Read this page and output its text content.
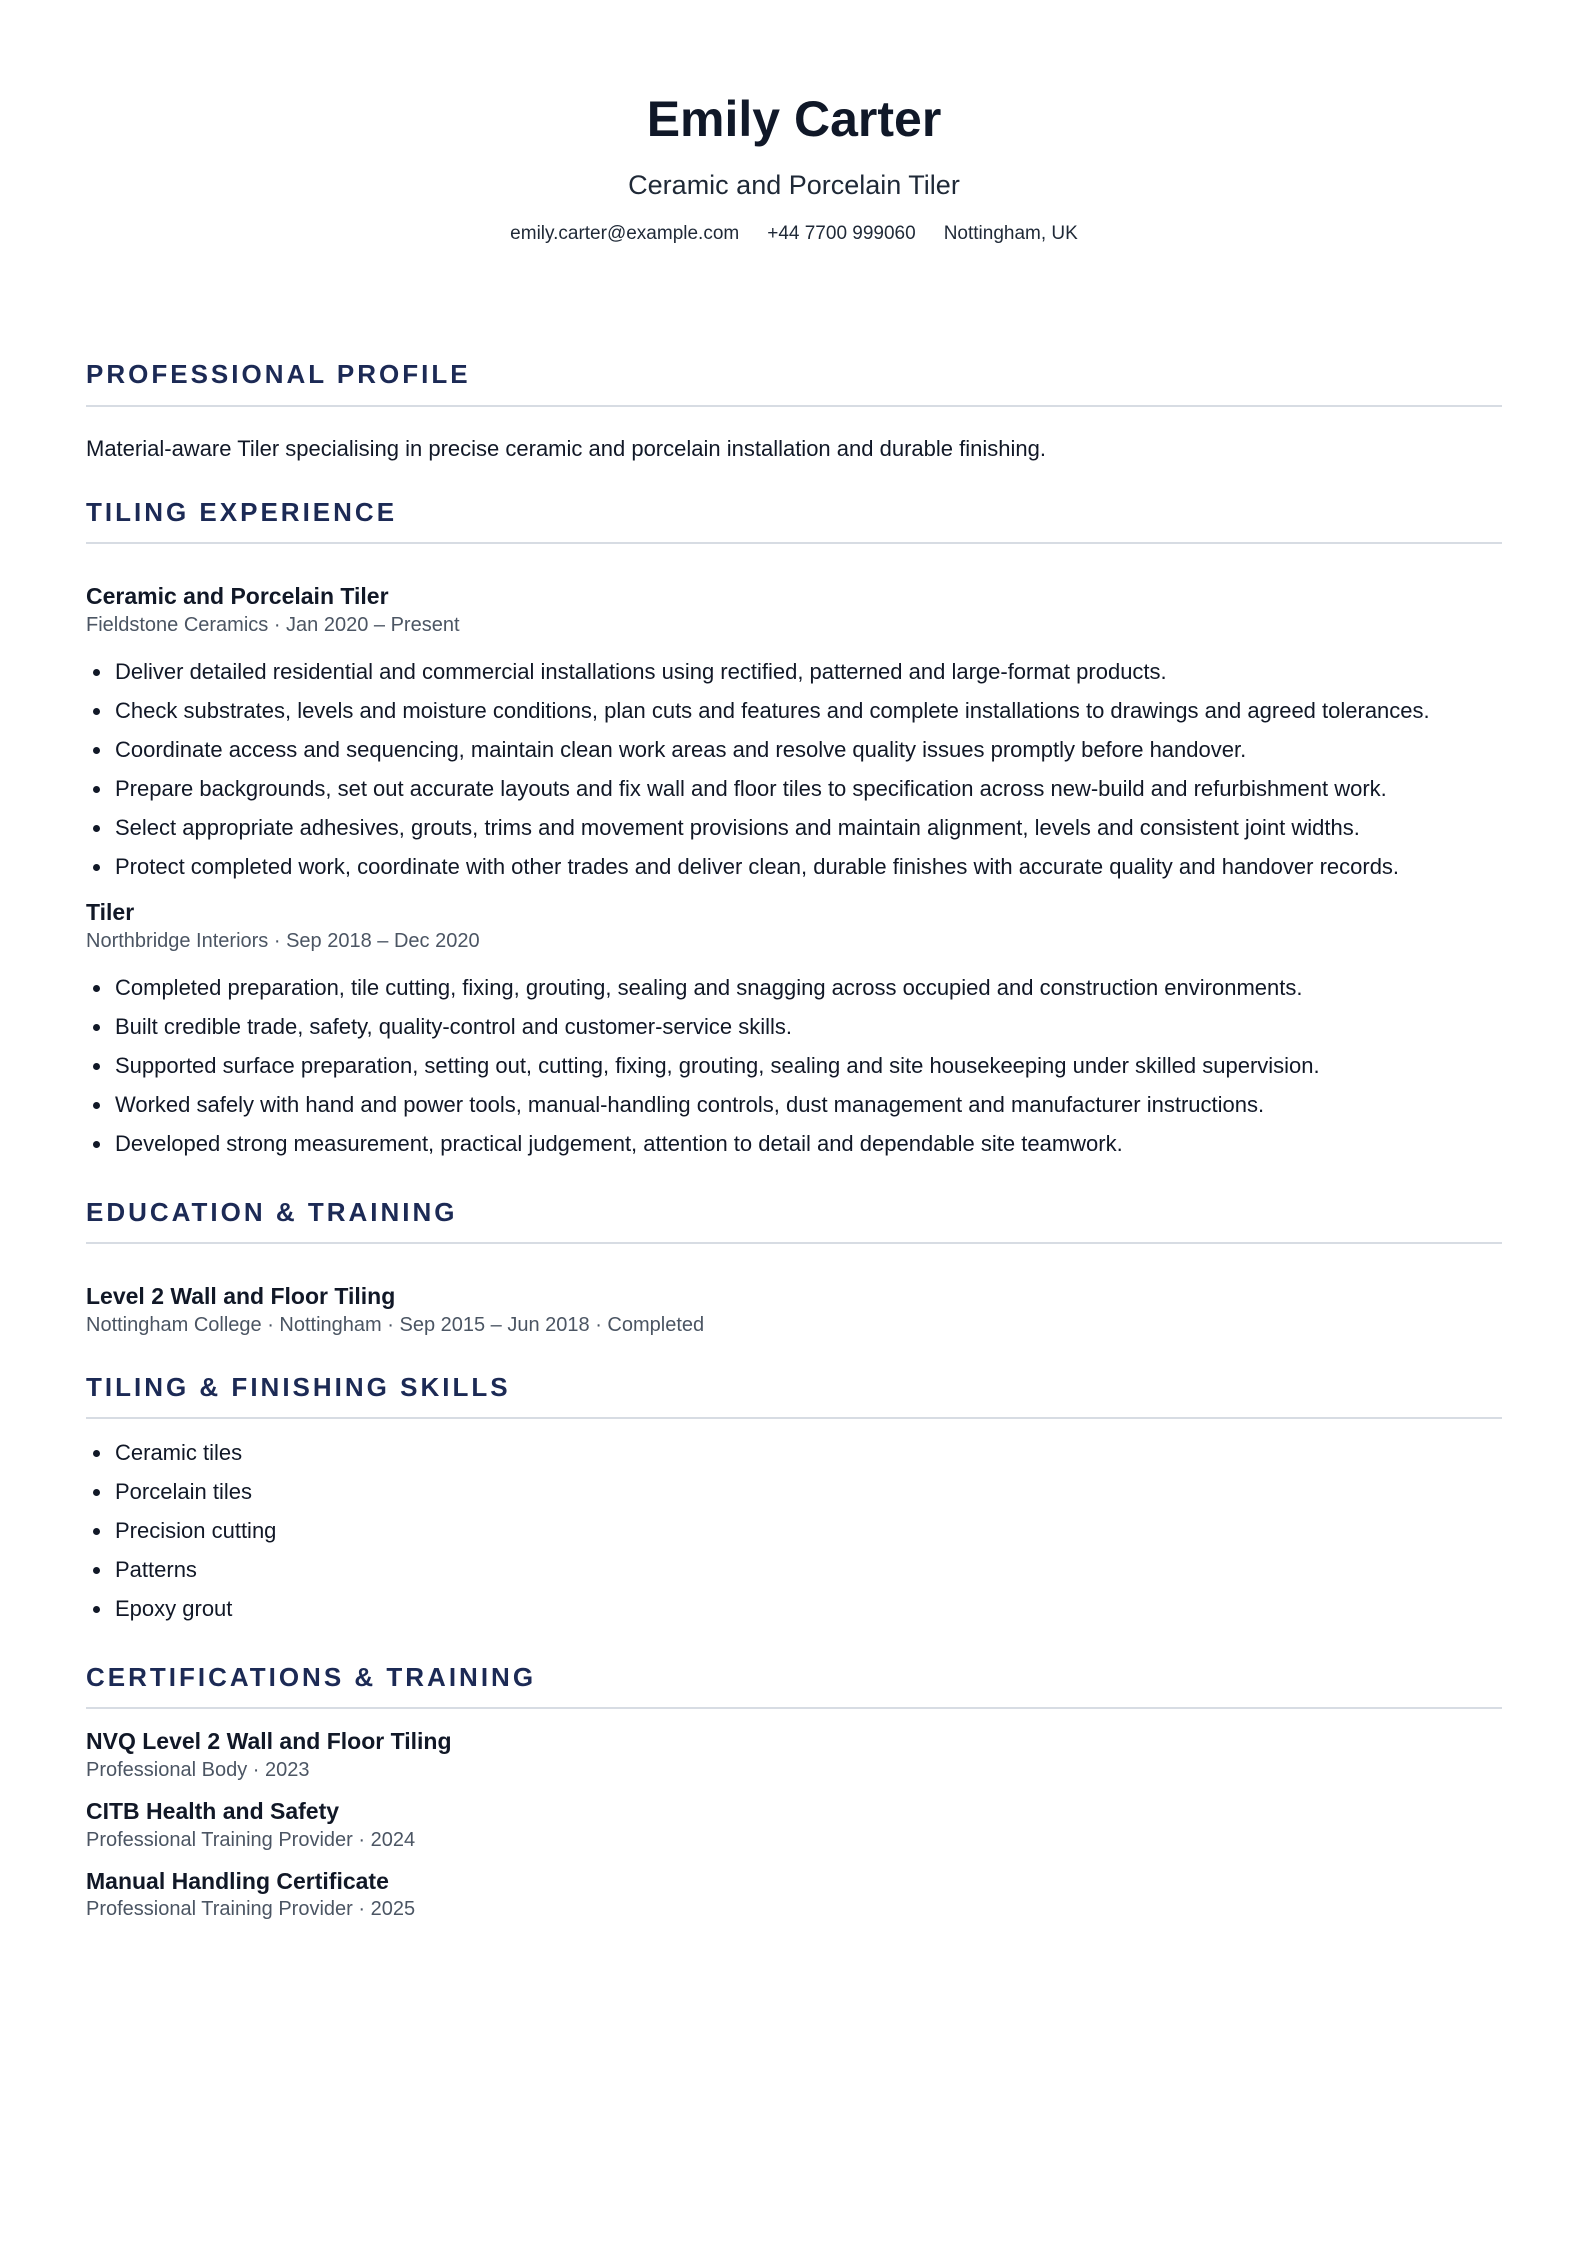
Emily Carter
Ceramic and Porcelain Tiler
emily.carter@example.com +44 7700 999060 Nottingham, UK
PROFESSIONAL PROFILE

Material-aware Tiler specialising in precise ceramic and porcelain installation and durable finishing.

TILING EXPERIENCE
Ceramic and Porcelain Tiler
Fieldstone Ceramics · Jan 2020 – Present
Deliver detailed residential and commercial installations using rectified, patterned and large-format products.
Check substrates, levels and moisture conditions, plan cuts and features and complete installations to drawings and agreed tolerances.
Coordinate access and sequencing, maintain clean work areas and resolve quality issues promptly before handover.
Prepare backgrounds, set out accurate layouts and fix wall and floor tiles to specification across new-build and refurbishment work.
Select appropriate adhesives, grouts, trims and movement provisions and maintain alignment, levels and consistent joint widths.
Protect completed work, coordinate with other trades and deliver clean, durable finishes with accurate quality and handover records.
Tiler
Northbridge Interiors · Sep 2018 – Dec 2020
Completed preparation, tile cutting, fixing, grouting, sealing and snagging across occupied and construction environments.
Built credible trade, safety, quality-control and customer-service skills.
Supported surface preparation, setting out, cutting, fixing, grouting, sealing and site housekeeping under skilled supervision.
Worked safely with hand and power tools, manual-handling controls, dust management and manufacturer instructions.
Developed strong measurement, practical judgement, attention to detail and dependable site teamwork.
EDUCATION & TRAINING
Level 2 Wall and Floor Tiling
Nottingham College · Nottingham · Sep 2015 – Jun 2018 · Completed
TILING & FINISHING SKILLS
Ceramic tiles
Porcelain tiles
Precision cutting
Patterns
Epoxy grout
CERTIFICATIONS & TRAINING
NVQ Level 2 Wall and Floor Tiling
Professional Body · 2023
CITB Health and Safety
Professional Training Provider · 2024
Manual Handling Certificate
Professional Training Provider · 2025
